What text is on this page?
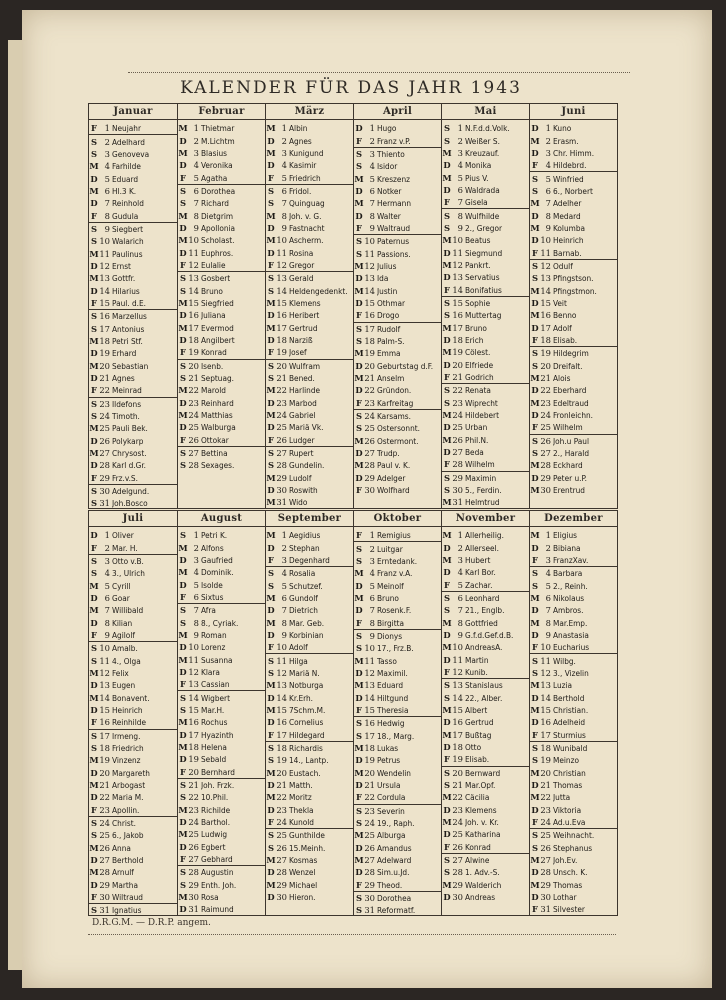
KALENDER FÜR DAS JAHR 1943
Januar
F 1 Neujahr
S 2 Adelhard
S 3 Genoveva
M 4 Farhilde
D 5 Eduard
M 6 Hl.3 K.
D 7 Reinhold
F 8 Gudula
S 9 Siegbert
S 10 Walarich
M 11 Paulinus
D 12 Ernst
M 13 Gottfr.
D 14 Hilarius
F 15 Paul. d.E.
S 16 Marzellus
S 17 Antonius
M 18 Petri Stf.
D 19 Erhard
M 20 Sebastian
D 21 Agnes
F 22 Meinrad
S 23 Ildefons
S 24 Timoth.
M 25 Pauli Bek.
D 26 Polykarp
M 27 Chrysost.
D 28 Karl d.Gr.
F 29 Frz.v.S.
S 30 Adelgund.
S 31 Joh.Bosco
Februar
M 1 Thietmar
D 2 M.Lichtm
M 3 Blasius
D 4 Veronika
F 5 Agatha
S 6 Dorothea
S 7 Richard
M 8 Dietgrim
D 9 Apollonia
M 10 Scholast.
D 11 Euphros.
F 12 Eulalie
S 13 Gosbert
S 14 Bruno
M 15 Siegfried
D 16 Juliana
M 17 Evermod
D 18 Angilbert
F 19 Konrad
S 20 Isenb.
S 21 Septuag.
M 22 Marold
D 23 Reinhard
M 24 Matthias
D 25 Walburga
F 26 Ottokar
S 27 Bettina
S 28 Sexages.
März
M 1 Albin
D 2 Agnes
M 3 Kunigund
D 4 Kasimir
F 5 Friedrich
S 6 Fridol.
S 7 Quinguag
M 8 Joh. v. G.
D 9 Fastnacht
M 10 Ascherm.
D 11 Rosina
F 12 Gregor
S 13 Gerald
S 14 Heldengedenkt.
M 15 Klemens
D 16 Heribert
M 17 Gertrud
D 18 Narziß
F 19 Josef
S 20 Wulfram
S 21 Bened.
M 22 Harlinde
D 23 Marbod
M 24 Gabriel
D 25 Mariä Vk.
F 26 Ludger
S 27 Rupert
S 28 Gundelin.
M 29 Ludolf
D 30 Roswith
M 31 Wido
April
D 1 Hugo
F 2 Franz v.P.
S 3 Thiento
S 4 Isidor
M 5 Kreszenz
D 6 Notker
M 7 Hermann
D 8 Walter
F 9 Waltraud
S 10 Paternus
S 11 Passions.
M 12 Julius
D 13 Ida
M 14 Justin
D 15 Othmar
F 16 Drogo
S 17 Rudolf
S 18 Palm-S.
M 19 Emma
D 20 Geburtstag d.F.
M 21 Anselm
D 22 Gründon.
F 23 Karfreitag
S 24 Karsams.
S 25 Ostersonnt.
M 26 Ostermont.
D 27 Trudp.
M 28 Paul v. K.
D 29 Adelger
F 30 Wolfhard
Mai
S 1 N.F.d.d.Volk.
S 2 Weißer S.
M 3 Kreuzauf.
D 4 Monika
M 5 Pius V.
D 6 Waldrada
F 7 Gisela
S 8 Wulfhilde
S 9 2., Gregor
M 10 Beatus
D 11 Siegmund
M 12 Pankrt.
D 13 Servatius
F 14 Bonifatius
S 15 Sophie
S 16 Muttertag
M 17 Bruno
D 18 Erich
M 19 Cölest.
D 20 Elfriede
F 21 Godrich
S 22 Renata
S 23 Wiprecht
M 24 Hildebert
D 25 Urban
M 26 Phil.N.
D 27 Beda
F 28 Wilhelm
S 29 Maximin
S 30 5., Ferdin.
M 31 Helmtrud
Juni
D 1 Kuno
M 2 Erasm.
D 3 Chr. Himm.
F 4 Hildebrd.
S 5 Winfried
S 6 6., Norbert
M 7 Adelher
D 8 Medard
M 9 Kolumba
D 10 Heinrich
F 11 Barnab.
S 12 Odulf
S 13 Pfingstson.
M 14 Pfingstmon.
D 15 Veit
M 16 Benno
D 17 Adolf
F 18 Elisab.
S 19 Hildegrim
S 20 Dreifalt.
M 21 Alois
D 22 Eberhard
M 23 Edeltraud
D 24 Fronleichn.
F 25 Wilhelm
S 26 Joh.u Paul
S 27 2., Harald
M 28 Eckhard
D 29 Peter u.P.
M 30 Erentrud
Juli
D 1 Oliver
F 2 Mar. H.
S 3 Otto v.B.
S 4 3., Ulrich
M 5 Cyrill
D 6 Goar
M 7 Willibald
D 8 Kilian
F 9 Agilolf
S 10 Amalb.
S 11 4., Olga
M 12 Felix
D 13 Eugen
M 14 Bonavent.
D 15 Heinrich
F 16 Reinhilde
S 17 Irmeng.
S 18 Friedrich
M 19 Vinzenz
D 20 Margareth
M 21 Arbogast
D 22 Maria M.
F 23 Apollin.
S 24 Christ.
S 25 6., Jakob
M 26 Anna
D 27 Berthold
M 28 Arnulf
D 29 Martha
F 30 Wiltraud
S 31 Ignatius
August
S 1 Petri K.
M 2 Alfons
D 3 Gaufried
M 4 Dominik.
D 5 Isolde
F 6 Sixtus
S 7 Afra
S 8 8., Cyriak.
M 9 Roman
D 10 Lorenz
M 11 Susanna
D 12 Klara
F 13 Cassian
S 14 Wigbert
S 15 Mar.H.
M 16 Rochus
D 17 Hyazinth
M 18 Helena
D 19 Sebald
F 20 Bernhard
S 21 Joh. Frzk.
S 22 10.Phil.
M 23 Richilde
D 24 Barthol.
M 25 Ludwig
D 26 Egbert
F 27 Gebhard
S 28 Augustin
S 29 Enth. Joh.
M 30 Rosa
D 31 Raimund
September
M 1 Aegidius
D 2 Stephan
F 3 Degenhard
S 4 Rosalia
S 5 Schutzef.
M 6 Gundolf
D 7 Dietrich
M 8 Mar. Geb.
D 9 Korbinian
F 10 Adolf
S 11 Hilga
S 12 Mariä N.
M 13 Notburga
D 14 Kr.Erh.
M 15 7Schm.M.
D 16 Cornelius
F 17 Hildegard
S 18 Richardis
S 19 14., Lantp.
M 20 Eustach.
D 21 Matth.
M 22 Moritz
D 23 Thekla
F 24 Kunold
S 25 Gunthilde
S 26 15.Meinh.
M 27 Kosmas
D 28 Wenzel
M 29 Michael
D 30 Hieron.
Oktober
F 1 Remigius
S 2 Luitgar
S 3 Erntedank.
M 4 Franz v.A.
D 5 Meinolf
M 6 Bruno
D 7 Rosenk.F.
F 8 Birgitta
S 9 Dionys
S 10 17., Frz.B.
M 11 Tasso
D 12 Maximil.
M 13 Eduard
D 14 Hiltgund
F 15 Theresia
S 16 Hedwig
S 17 18., Marg.
M 18 Lukas
D 19 Petrus
M 20 Wendelin
D 21 Ursula
F 22 Cordula
S 23 Severin
S 24 19., Raph.
M 25 Alburga
D 26 Amandus
M 27 Adelward
D 28 Sim.u.Jd.
F 29 Theod.
S 30 Dorothea
S 31 Reformatf.
November
M 1 Allerheilig.
D 2 Allerseel.
M 3 Hubert
D 4 Karl Bor.
F 5 Zachar.
S 6 Leonhard
S 7 21., Englb.
M 8 Gottfried
D 9 G.f.d.Gef.d.B.
M 10 AndreasA.
D 11 Martin
F 12 Kunib.
S 13 Stanislaus
S 14 22., Alber.
M 15 Albert
D 16 Gertrud
M 17 Bußtag
D 18 Otto
F 19 Elisab.
S 20 Bernward
S 21 Mar.Opf.
M 22 Cäcilia
D 23 Klemens
M 24 Joh. v. Kr.
D 25 Katharina
F 26 Konrad
S 27 Alwine
S 28 1. Adv.-S.
M 29 Walderich
D 30 Andreas
Dezember
M 1 Eligius
D 2 Bibiana
F 3 FranzXav.
S 4 Barbara
S 5 2., Reinh.
M 6 Nikolaus
D 7 Ambros.
M 8 Mar.Emp.
D 9 Anastasia
F 10 Eucharius
S 11 Wilbg.
S 12 3., Vizelin
M 13 Luzia
D 14 Berthold
M 15 Christian.
D 16 Adelheid
F 17 Sturmius
S 18 Wunibald
S 19 Meinzo
M 20 Christian
D 21 Thomas
M 22 Jutta
D 23 Viktoria
F 24 Ad.u.Eva
S 25 Weihnacht.
S 26 Stephanus
M 27 Joh.Ev.
D 28 Unsch. K.
M 29 Thomas
D 30 Lothar
F 31 Silvester
D.R.G.M. — D.R.P. angem.
